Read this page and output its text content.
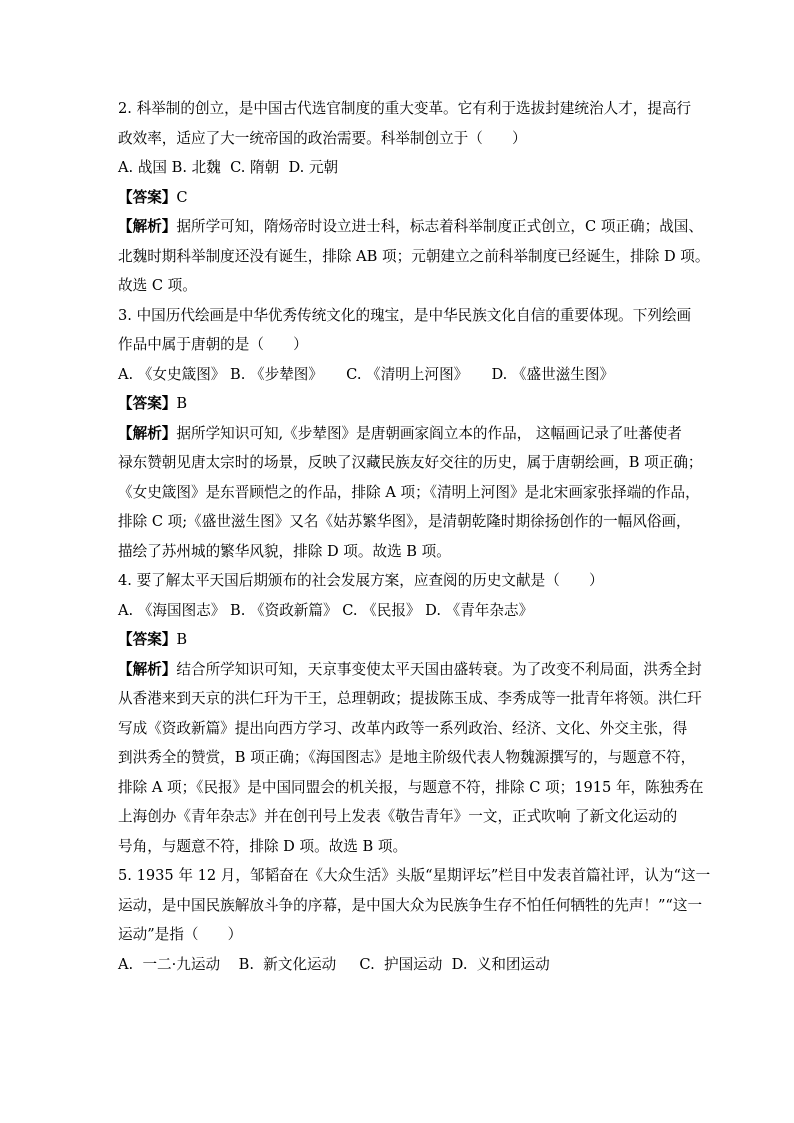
2. 科举制的创立，是中国古代选官制度的重大变革。它有利于选拔封建统治人才，提高行
政效率，适应了大一统帝国的政治需要。科举制创立于（　　）
A. 战国 B. 北魏  C. 隋朝  D. 元朝
【答案】C
【解析】据所学可知，隋炀帝时设立进士科，标志着科举制度正式创立，C 项正确；战国、
北魏时期科举制度还没有诞生，排除 AB 项；元朝建立之前科举制度已经诞生，排除 D 项。
故选 C 项。
3. 中国历代绘画是中华优秀传统文化的瑰宝，是中华民族文化自信的重要体现。下列绘画
作品中属于唐朝的是（　　）
A. 《女史箴图》 B. 《步辇图》     C. 《清明上河图》     D. 《盛世滋生图》
【答案】B
【解析】据所学知识可知,《步辇图》是唐朝画家阎立本的作品， 这幅画记录了吐蕃使者
禄东赞朝见唐太宗时的场景，反映了汉藏民族友好交往的历史，属于唐朝绘画，B 项正确；
《女史箴图》是东晋顾恺之的作品，排除 A 项；《清明上河图》是北宋画家张择端的作品，
排除 C 项;《盛世滋生图》又名《姑苏繁华图》，是清朝乾隆时期徐扬创作的一幅风俗画，
描绘了苏州城的繁华风貌，排除 D 项。故选 B 项。
4. 要了解太平天国后期颁布的社会发展方案，应查阅的历史文献是（　　）
A. 《海国图志》 B. 《资政新篇》 C. 《民报》 D. 《青年杂志》
【答案】B
【解析】结合所学知识可知，天京事变使太平天国由盛转衰。为了改变不利局面，洪秀全封
从香港来到天京的洪仁玕为干王，总理朝政；提拔陈玉成、李秀成等一批青年将领。洪仁玕
写成《资政新篇》提出向西方学习、改革内政等一系列政治、经济、文化、外交主张，得
到洪秀全的赞赏，B 项正确；《海国图志》是地主阶级代表人物魏源撰写的，与题意不符，
排除 A 项；《民报》是中国同盟会的机关报，与题意不符，排除 C 项；1915 年，陈独秀在
上海创办《青年杂志》并在创刊号上发表《敬告青年》一文，正式吹响 了新文化运动的
号角，与题意不符，排除 D 项。故选 B 项。
5. 1935 年 12 月，邹韬奋在《大众生活》头版“星期评坛”栏目中发表首篇社评，认为“这一
运动，是中国民族解放斗争的序幕，是中国大众为民族争生存不怕任何牺牲的先声！”“这一
运动”是指（　　）
A.  一二·九运动    B.  新文化运动     C.  护国运动  D.  义和团运动
